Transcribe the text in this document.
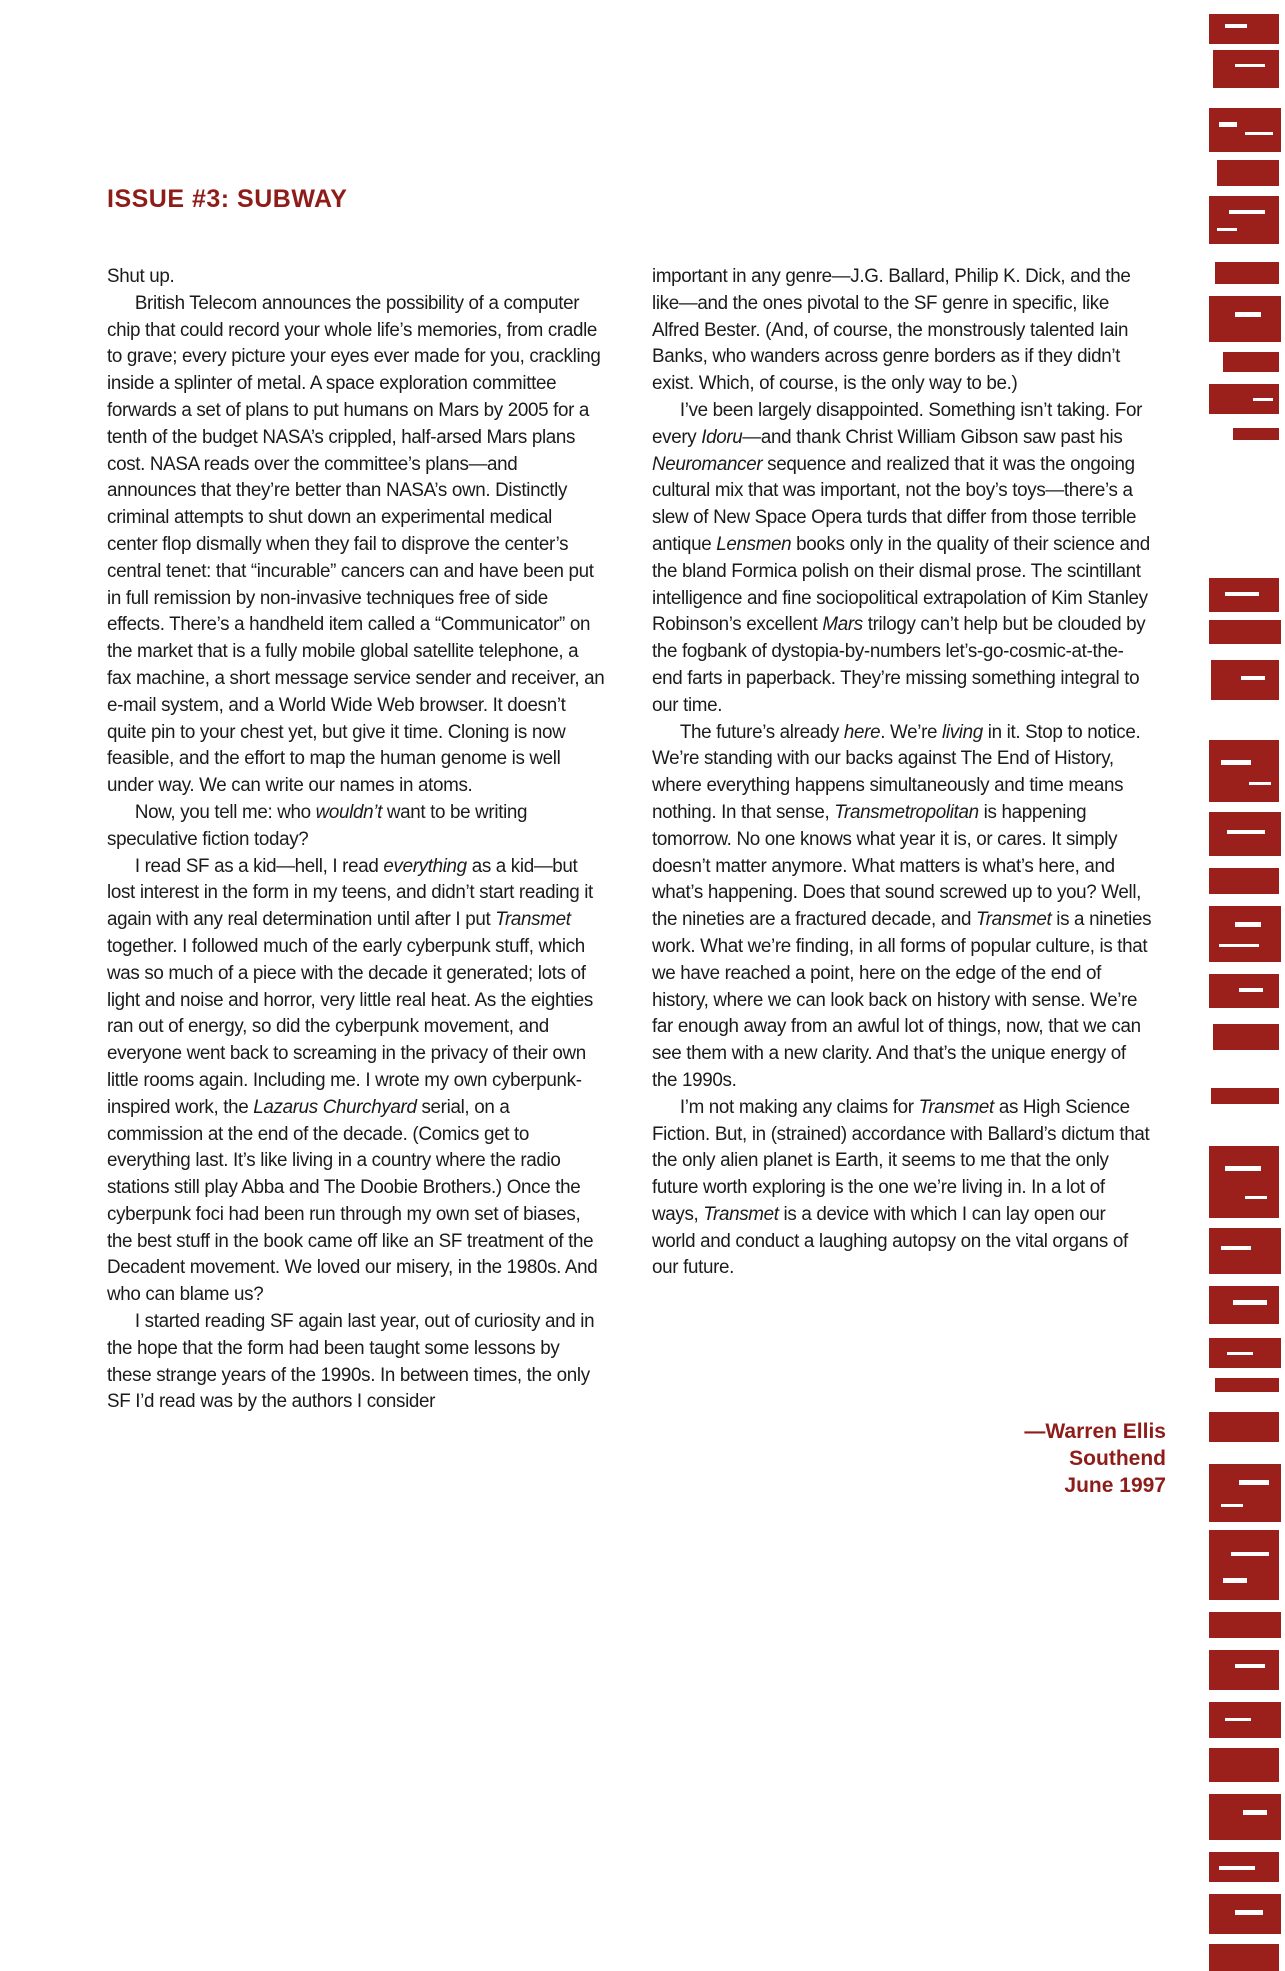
ISSUE #3: SUBWAY

Shut up.

British Telecom announces the possibility of a computer chip that could record your whole life’s memories, from cradle to grave; every picture your eyes ever made for you, crackling inside a splinter of metal. A space exploration committee forwards a set of plans to put humans on Mars by 2005 for a tenth of the budget NASA’s crippled, half-arsed Mars plans cost. NASA reads over the committee’s plans—and announces that they’re better than NASA’s own. Distinctly criminal attempts to shut down an experimental medical center flop dismally when they fail to disprove the center’s central tenet: that “incurable” cancers can and have been put in full remission by non-invasive techniques free of side effects. There’s a handheld item called a “Communicator” on the market that is a fully mobile global satellite telephone, a fax machine, a short message service sender and receiver, an e-mail system, and a World Wide Web browser. It doesn’t quite pin to your chest yet, but give it time. Cloning is now feasible, and the effort to map the human genome is well under way. We can write our names in atoms.

Now, you tell me: who wouldn’t want to be writing speculative fiction today?

I read SF as a kid—hell, I read everything as a kid—but lost interest in the form in my teens, and didn’t start reading it again with any real determination until after I put Transmet together. I followed much of the early cyberpunk stuff, which was so much of a piece with the decade it generated; lots of light and noise and horror, very little real heat. As the eighties ran out of energy, so did the cyberpunk movement, and everyone went back to screaming in the privacy of their own little rooms again. Including me. I wrote my own cyberpunk-inspired work, the Lazarus Churchyard serial, on a commission at the end of the decade. (Comics get to everything last. It’s like living in a country where the radio stations still play Abba and The Doobie Brothers.) Once the cyberpunk foci had been run through my own set of biases, the best stuff in the book came off like an SF treatment of the Decadent movement. We loved our misery, in the 1980s. And who can blame us?

I started reading SF again last year, out of curiosity and in the hope that the form had been taught some lessons by these strange years of the 1990s. In between times, the only SF I’d read was by the authors I consider

important in any genre—J.G. Ballard, Philip K. Dick, and the like—and the ones pivotal to the SF genre in specific, like Alfred Bester. (And, of course, the monstrously talented Iain Banks, who wanders across genre borders as if they didn’t exist. Which, of course, is the only way to be.)

I’ve been largely disappointed. Something isn’t taking. For every Idoru—and thank Christ William Gibson saw past his Neuromancer sequence and realized that it was the ongoing cultural mix that was important, not the boy’s toys—there’s a slew of New Space Opera turds that differ from those terrible antique Lensmen books only in the quality of their science and the bland Formica polish on their dismal prose. The scintillant intelligence and fine sociopolitical extrapolation of Kim Stanley Robinson’s excellent Mars trilogy can’t help but be clouded by the fogbank of dystopia-by-numbers let’s-go-cosmic-at-the-end farts in paperback. They’re missing something integral to our time.

The future’s already here. We’re living in it. Stop to notice. We’re standing with our backs against The End of History, where everything happens simultaneously and time means nothing. In that sense, Transmetropolitan is happening tomorrow. No one knows what year it is, or cares. It simply doesn’t matter anymore. What matters is what’s here, and what’s happening. Does that sound screwed up to you? Well, the nineties are a fractured decade, and Transmet is a nineties work. What we’re finding, in all forms of popular culture, is that we have reached a point, here on the edge of the end of history, where we can look back on history with sense. We’re far enough away from an awful lot of things, now, that we can see them with a new clarity. And that’s the unique energy of the 1990s.

I’m not making any claims for Transmet as High Science Fiction. But, in (strained) accordance with Ballard’s dictum that the only alien planet is Earth, it seems to me that the only future worth exploring is the one we’re living in. In a lot of ways, Transmet is a device with which I can lay open our world and conduct a laughing autopsy on the vital organs of our future.

—Warren Ellis
Southend
June 1997
